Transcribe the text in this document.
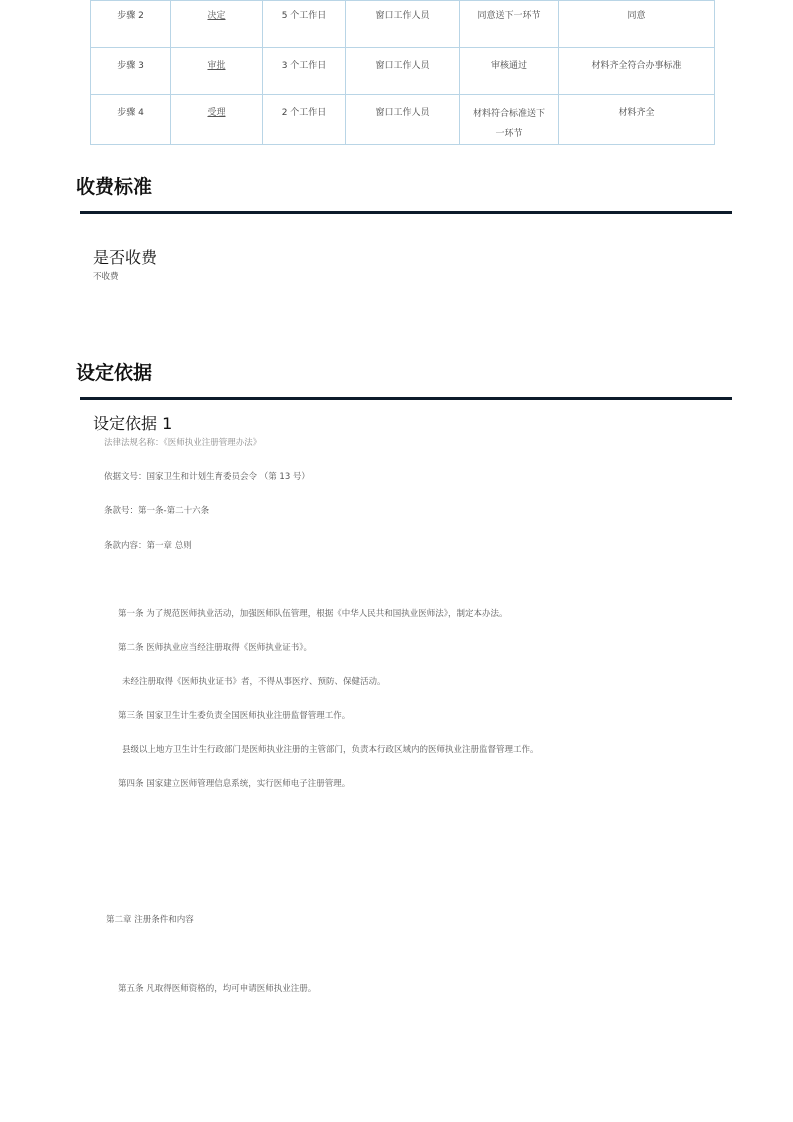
步骤 2	决定	5 个工作日	窗口工作人员	同意送下一环节	同意
步骤 3	审批	3 个工作日	窗口工作人员	审核通过	材料齐全符合办事标准
步骤 4	受理	2 个工作日	窗口工作人员	材料符合标准送下一环节	材料齐全
收费标准
是否收费
不收费
设定依据
设定依据 1
法律法规名称：《医师执业注册管理办法》
依据文号：国家卫生和计划生育委员会令 （第 13 号）
条款号：第一条-第二十六条
条款内容：第一章 总则
第一条 为了规范医师执业活动，加强医师队伍管理，根据《中华人民共和国执业医师法》，制定本办法。
第二条 医师执业应当经注册取得《医师执业证书》。
未经注册取得《医师执业证书》者，不得从事医疗、预防、保健活动。
第三条 国家卫生计生委负责全国医师执业注册监督管理工作。
县级以上地方卫生计生行政部门是医师执业注册的主管部门，负责本行政区域内的医师执业注册监督管理工作。
第四条 国家建立医师管理信息系统，实行医师电子注册管理。
第二章 注册条件和内容
第五条 凡取得医师资格的，均可申请医师执业注册。
